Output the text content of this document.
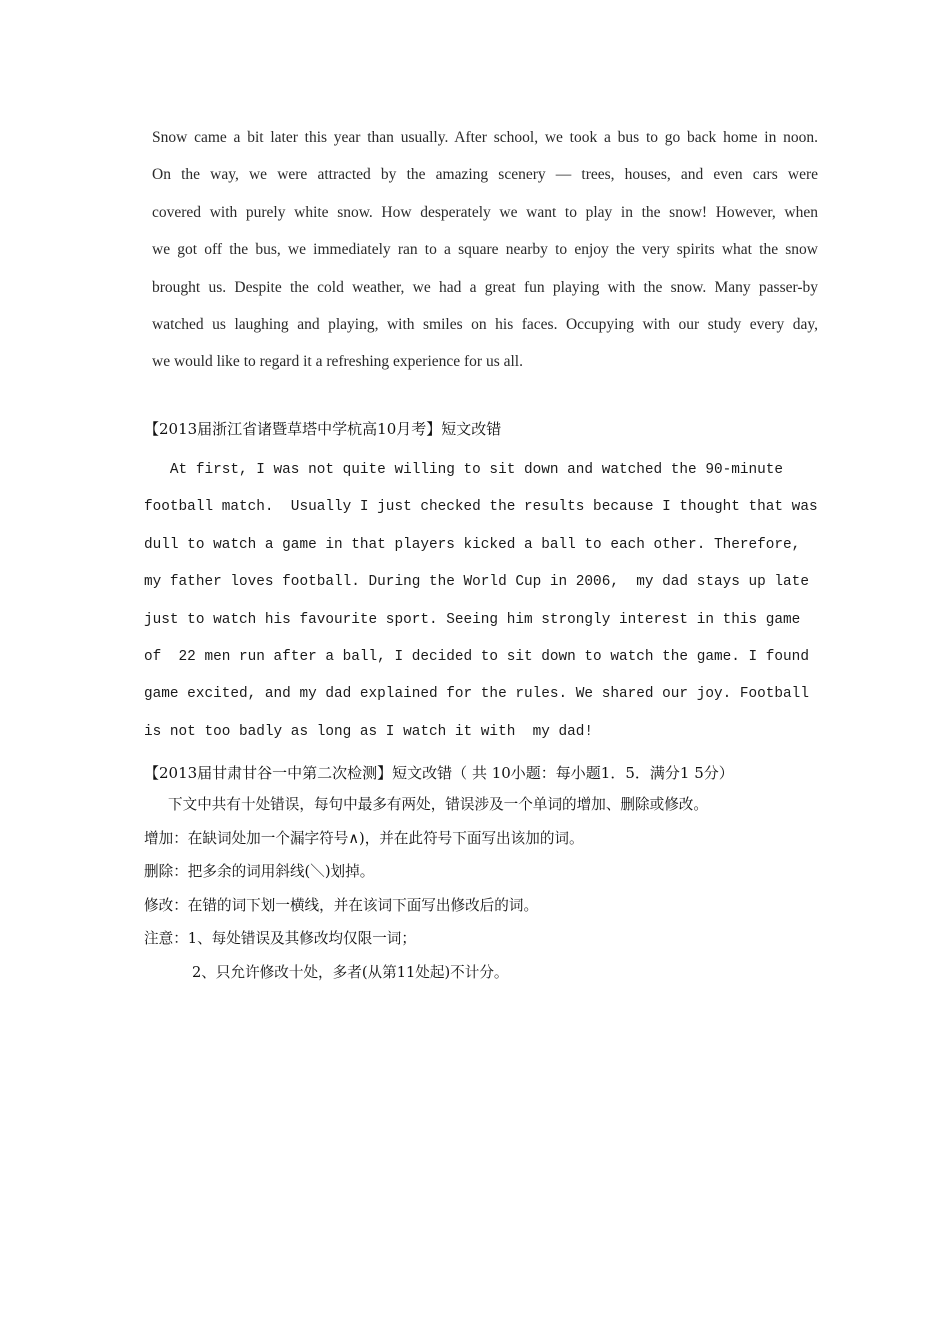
Snow came a bit later this year than usually. After school, we took a bus to go back home in noon.
On the way, we were attracted by the amazing scenery — trees, houses, and even cars were
covered with purely white snow. How desperately we want to play in the snow! However, when
we got off the bus, we immediately ran to a square nearby to enjoy the very spirits what the snow
brought us. Despite the cold weather, we had a great fun playing with the snow. Many passer-by
watched us laughing and playing, with smiles on his faces. Occupying with our study every day,
we would like to regard it a refreshing experience for us all.
【2013届浙江省诸暨草塔中学杭高10月考】短文改错
At first, I was not quite willing to sit down and watched the 90-minute
football match.  Usually I just checked the results because I thought that was
dull to watch a game in that players kicked a ball to each other. Therefore,
my father loves football. During the World Cup in 2006,  my dad stays up late
just to watch his favourite sport. Seeing him strongly interest in this game
of  22 men run after a ball, I decided to sit down to watch the game. I found
game excited, and my dad explained for the rules. We shared our joy. Football
is not too badly as long as I watch it with  my dad!
【2013届甘肃甘谷一中第二次检测】短文改错（ 共 10小题：每小题1．5．满分1 5分）
下文中共有十处错误，每句中最多有两处，错误涉及一个单词的增加、删除或修改。
增加：在缺词处加一个漏字符号∧)，并在此符号下面写出该加的词。
删除：把多余的词用斜线(＼)划掉。
修改：在错的词下划一横线，并在该词下面写出修改后的词。
注意：1、每处错误及其修改均仅限一词；
2、只允许修改十处，多者(从第11处起)不计分。
